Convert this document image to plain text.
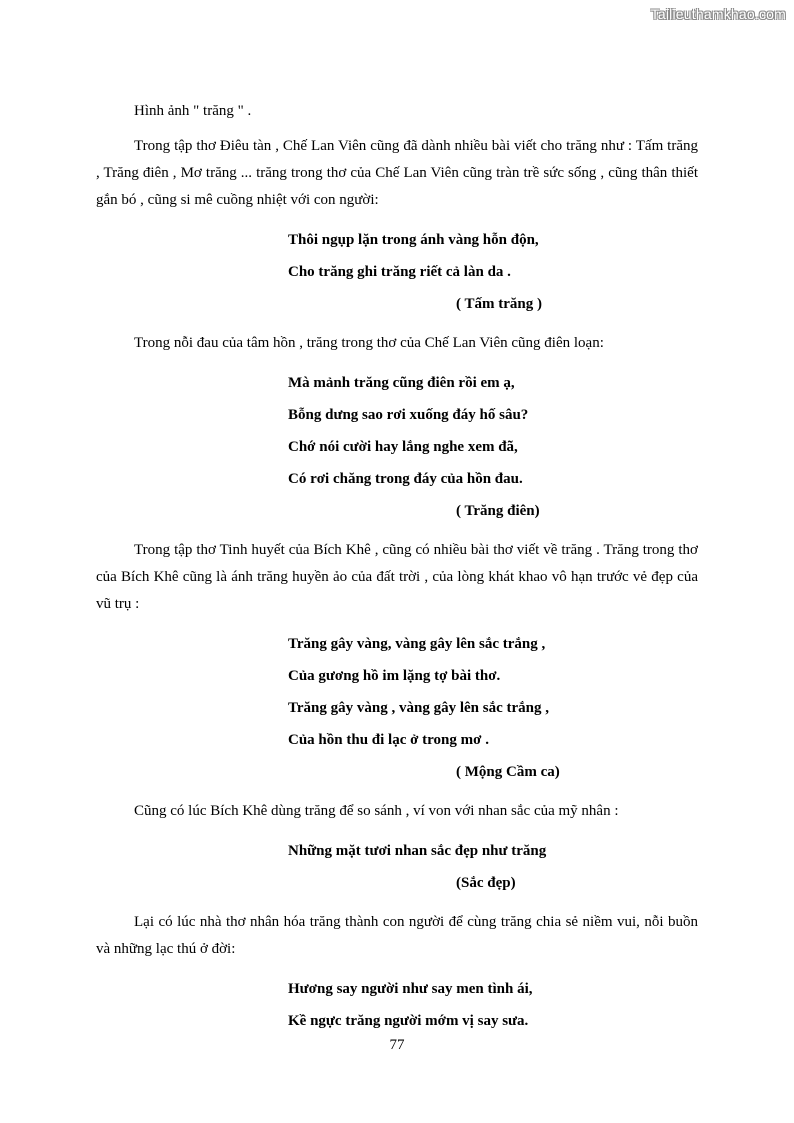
Tailieuthamkhao.com

Hình ảnh " trăng " .

Trong tập thơ Điêu tàn , Chế Lan Viên cũng đã dành nhiều bài viết cho trăng như : Tấm trăng , Trăng điên , Mơ trăng ... trăng trong thơ của Chế Lan Viên cũng tràn trề sức sống , cũng thân thiết gắn bó , cũng si mê cuồng nhiệt với con người:

Thôi ngụp lặn trong ánh vàng hỗn độn,
Cho trăng ghi trăng riết cả làn da .
( Tấm trăng )

Trong nỗi đau của tâm hồn , trăng trong thơ của Chế Lan Viên cũng điên loạn:

Mà mảnh trăng cũng điên rồi em ạ,
Bỗng dưng sao rơi xuống đáy hố sâu?
Chớ nói cười hay lắng nghe xem đã,
Có rơi chăng trong đáy của hồn đau.
( Trăng điên)

Trong tập thơ Tinh huyết của Bích Khê , cũng có nhiều bài thơ viết về trăng . Trăng trong thơ của Bích Khê cũng là ánh trăng huyền ảo của đất trời , của lòng khát khao vô hạn trước vẻ đẹp của vũ trụ :

Trăng gây vàng, vàng gây lên sắc trắng ,
Của gương hồ im lặng tợ bài thơ.
Trăng gây vàng , vàng gây lên sắc trắng ,
Của hồn thu đi lạc ở trong mơ .
( Mộng Cầm ca)

Cũng có lúc Bích Khê dùng trăng để so sánh , ví von với nhan sắc của mỹ nhân :

Những mặt tươi nhan sắc đẹp như trăng
(Sắc đẹp)

Lại có lúc nhà thơ nhân hóa trăng thành con người để cùng trăng chia sẻ niềm vui, nỗi buồn và những lạc thú ở đời:

Hương say người như say men tình ái,
Kề ngực trăng người mớm vị say sưa.
77
